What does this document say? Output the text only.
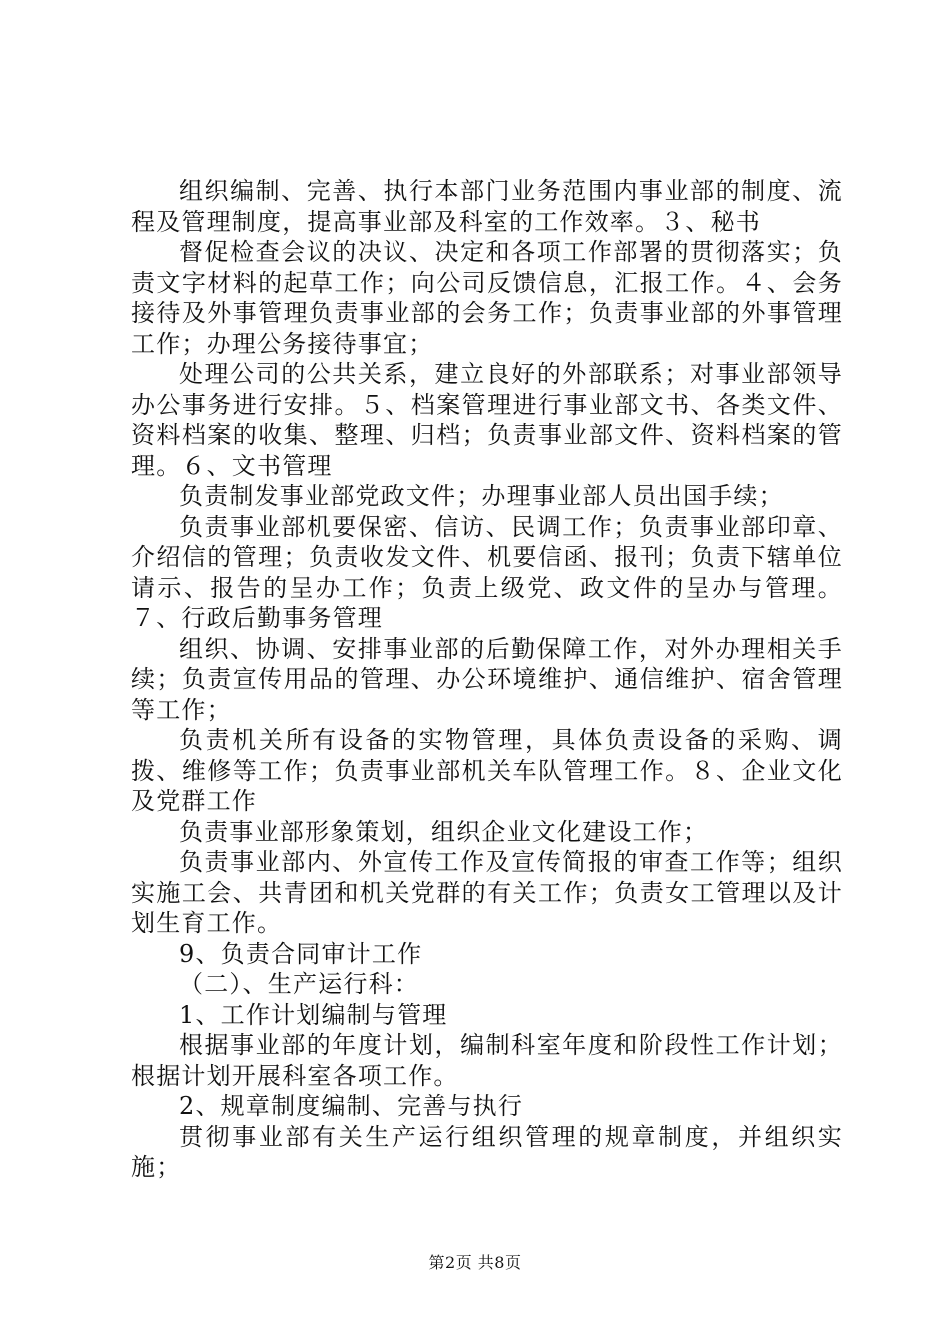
组织编制、完善、执行本部门业务范围内事业部的制度、流程及管理制度，提高事业部及科室的工作效率。３、秘书

督促检查会议的决议、决定和各项工作部署的贯彻落实；负责文字材料的起草工作；向公司反馈信息，汇报工作。４、会务接待及外事管理负责事业部的会务工作；负责事业部的外事管理工作；办理公务接待事宜；

处理公司的公共关系，建立良好的外部联系；对事业部领导办公事务进行安排。５、档案管理进行事业部文书、各类文件、资料档案的收集、整理、归档；负责事业部文件、资料档案的管理。６、文书管理

负责制发事业部党政文件；办理事业部人员出国手续；

负责事业部机要保密、信访、民调工作；负责事业部印章、介绍信的管理；负责收发文件、机要信函、报刊；负责下辖单位请示、报告的呈办工作；负责上级党、政文件的呈办与管理。７、行政后勤事务管理

组织、协调、安排事业部的后勤保障工作，对外办理相关手续；负责宣传用品的管理、办公环境维护、通信维护、宿舍管理等工作；

负责机关所有设备的实物管理，具体负责设备的采购、调拨、维修等工作；负责事业部机关车队管理工作。８、企业文化及党群工作

负责事业部形象策划，组织企业文化建设工作；

负责事业部内、外宣传工作及宣传简报的审查工作等；组织实施工会、共青团和机关党群的有关工作；负责女工管理以及计划生育工作。

9、负责合同审计工作

（二）、生产运行科：

1、工作计划编制与管理

根据事业部的年度计划，编制科室年度和阶段性工作计划；根据计划开展科室各项工作。

2、规章制度编制、完善与执行

贯彻事业部有关生产运行组织管理的规章制度，并组织实施；

第2页 共8页
